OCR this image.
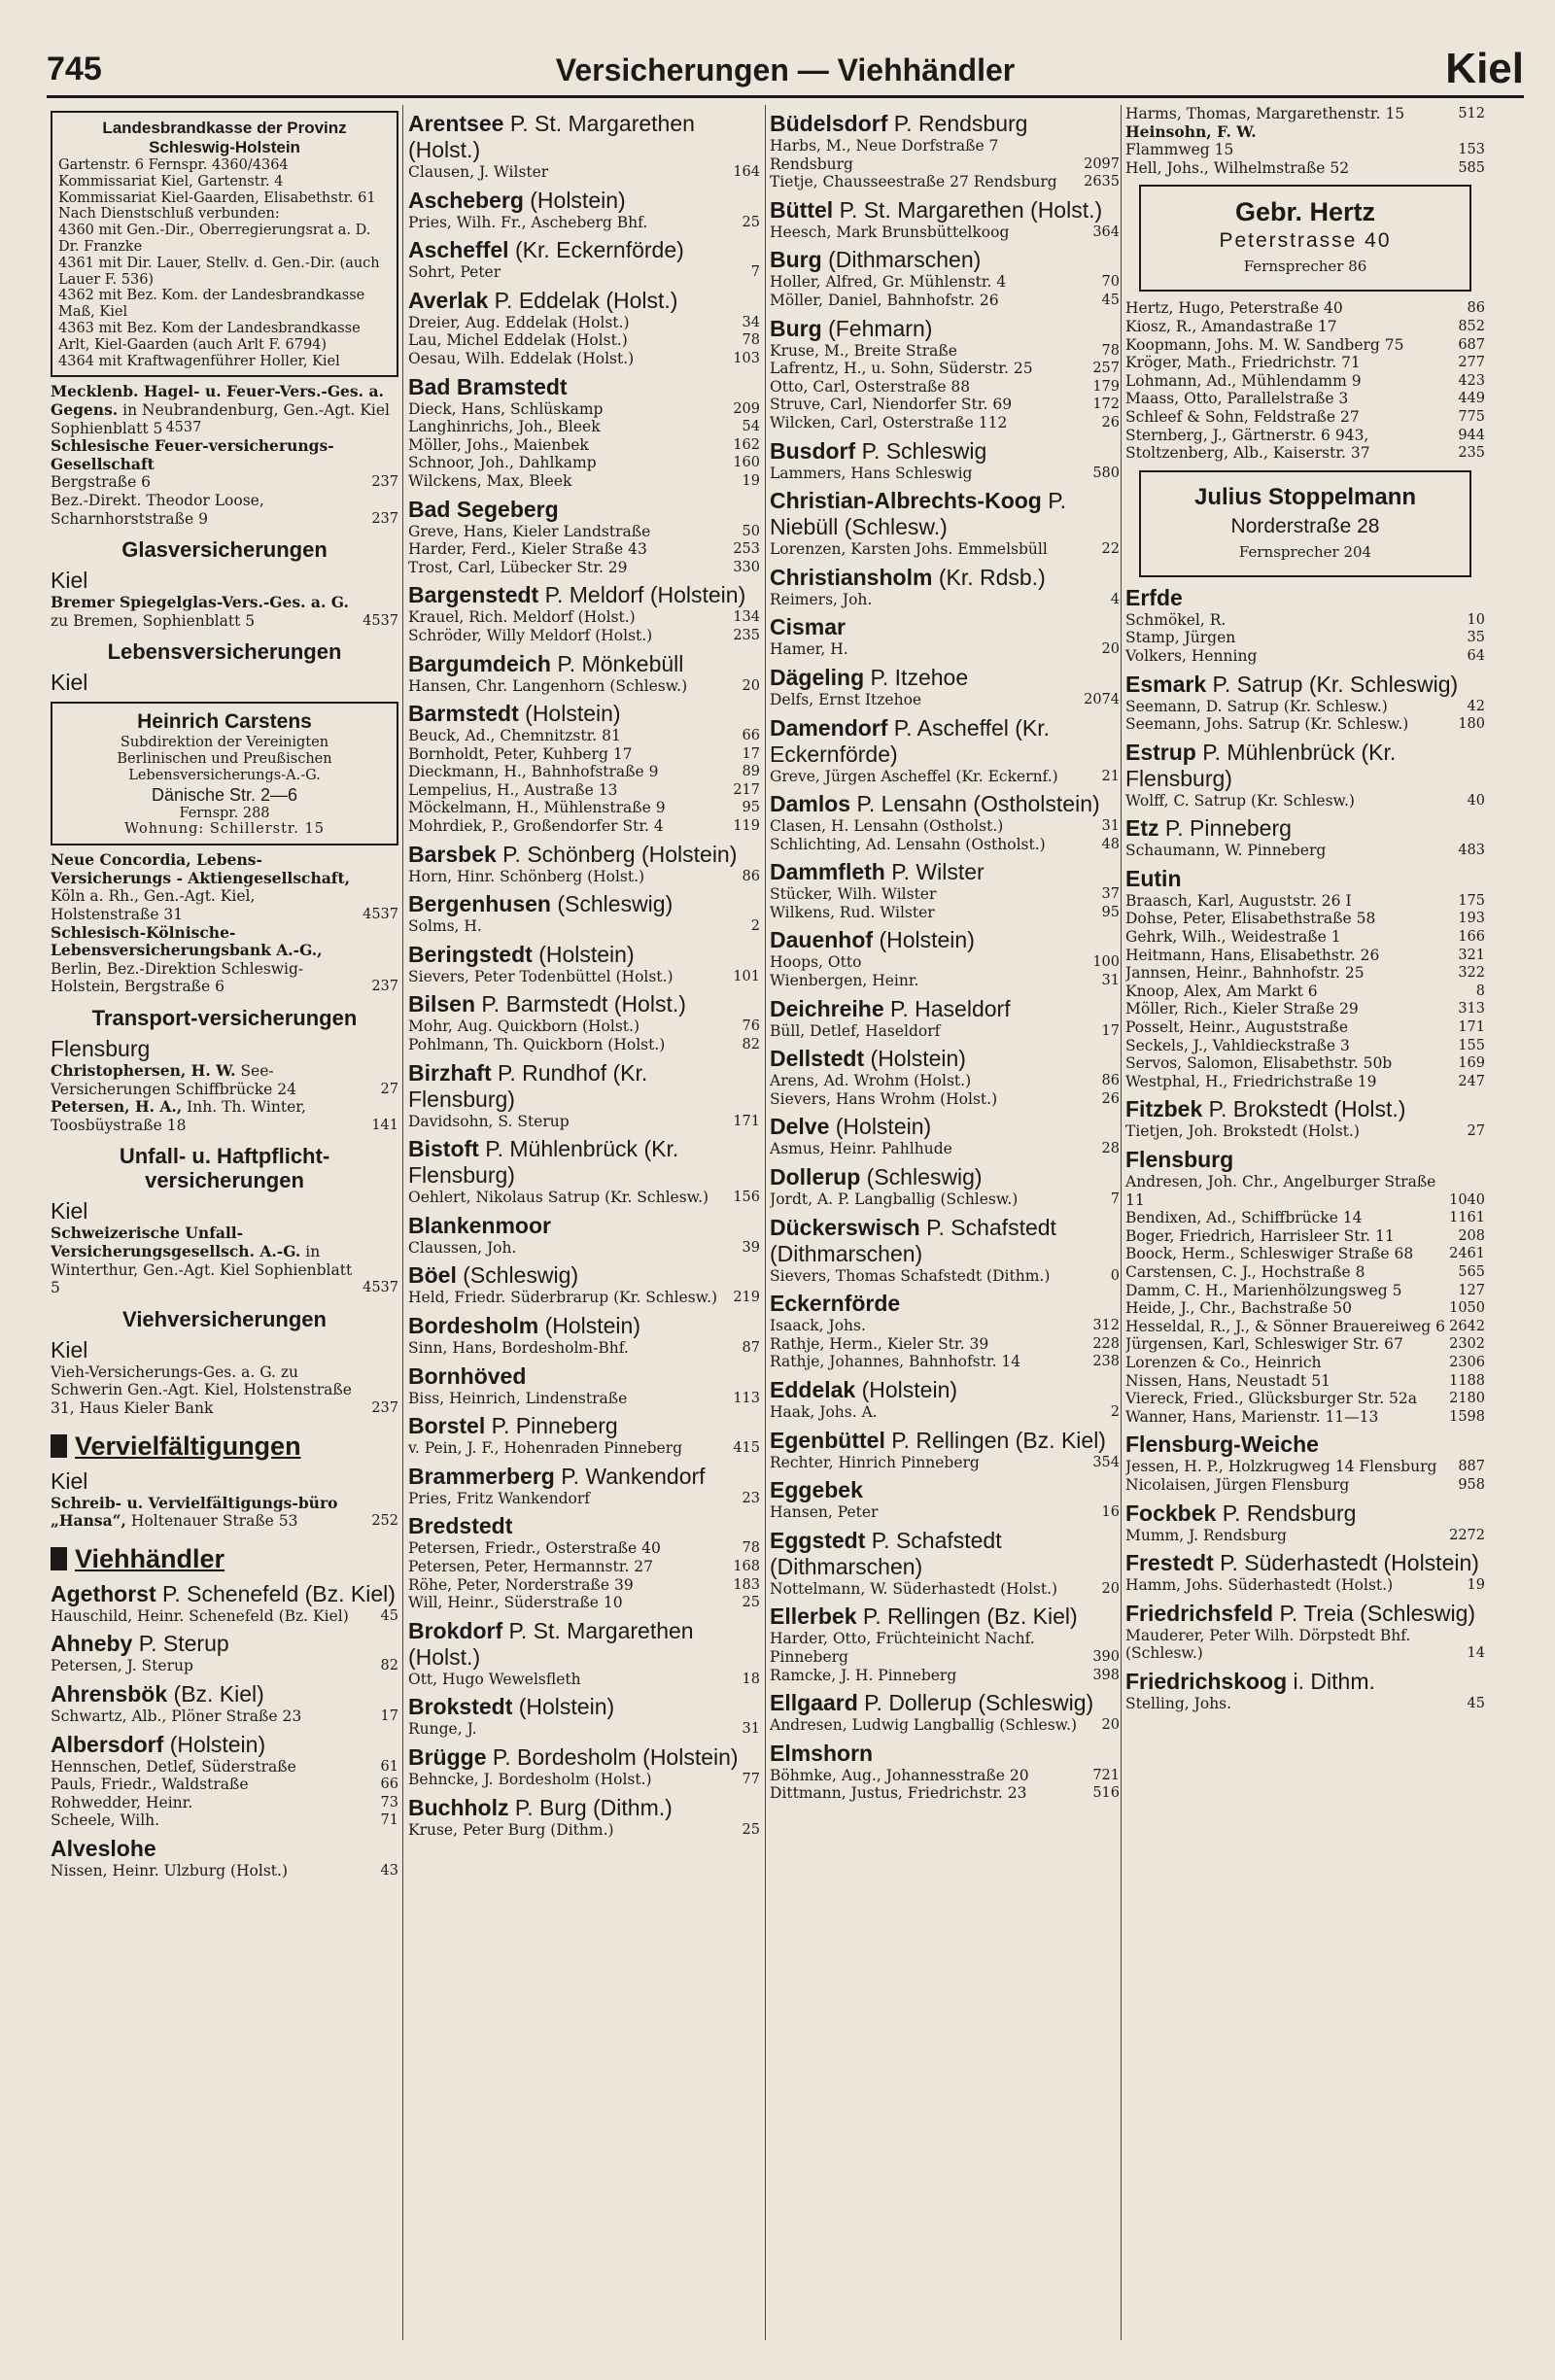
745	Versicherungen — Viehhändler	Kiel
Landesbrandkasse der Provinz Schleswig-Holstein
Gartenstr. 6 Fernspr. 4360/4364
Kommissariat Kiel, Gartenstr. 4
Kommissariat Kiel-Gaarden, Elisabethstr. 61
Nach Dienstschluß verbunden:
4360 mit Gen.-Dir., Oberregierungsrat a. D. Dr. Franzke
4361 mit Dir. Lauer, Stellv. d. Gen.-Dir. (auch Lauer F. 536)
4362 mit Bez. Kom. der Landesbrandkasse Maß, Kiel
4363 mit Bez. Kom der Landesbrandkasse Arlt, Kiel-Gaarden (auch Arlt F. 6794)
4364 mit Kraftwagenführer Holler, Kiel

Mecklenb. Hagel- u. Feuer-Vers.-Ges. a. Gegens. in Neubrandenburg, Gen.-Agt. Kiel Sophienblatt 5 4537

Schlesische Feuer-versicherungs-Gesellschaft

Bergstraße 6	237
Bez.-Direkt. Theodor Loose, Scharnhorststraße 9	237
Glasversicherungen
Kiel
Bremer Spiegelglas-Vers.-Ges. a. G. zu Bremen, Sophienblatt 5	4537
Lebensversicherungen
Kiel
Heinrich Carstens
Subdirektion der Vereinigten
Berlinischen und Preußischen
Lebensversicherungs-A.-G.
Dänische Str. 2—6
Fernspr. 288
Wohnung: Schillerstr. 15
Neue Concordia, Lebens-Versicherungs - Aktiengesellschaft, Köln a. Rh., Gen.-Agt. Kiel, Holstenstraße 31	4537
Schlesisch-Kölnische-Lebensversicherungsbank A.-G., Berlin, Bez.-Direktion Schleswig-Holstein, Bergstraße 6	237
Transport-versicherungen
Flensburg
Christophersen, H. W. See-Versicherungen Schiffbrücke 24	27
Petersen, H. A., Inh. Th. Winter, Toosbüystraße 18	141
Unfall- u. Haftpflicht-versicherungen
Kiel
Schweizerische Unfall-Versicherungsgesellsch. A.-G. in Winterthur, Gen.-Agt. Kiel Sophienblatt 5	4537
Viehversicherungen
Kiel
Vieh-Versicherungs-Ges. a. G. zu Schwerin Gen.-Agt. Kiel, Holstenstraße 31, Haus Kieler Bank	237
Vervielfältigungen
Kiel
Schreib- u. Vervielfältigungs-büro „Hansa“, Holtenauer Straße 53	252
Viehhändler
Agethorst P. Schenefeld (Bz. Kiel)
Hauschild, Heinr. Schenefeld (Bz. Kiel) 45
Ahneby P. Sterup
Petersen, J. Sterup	82
Ahrensbök (Bz. Kiel)
Schwartz, Alb., Plöner Straße 23	17
Albersdorf (Holstein)
Hennschen, Detlef, Süderstraße	61
Pauls, Friedr., Waldstraße	66
Rohwedder, Heinr.	73
Scheele, Wilh.	71
Alveslohe
Nissen, Heinr. Ulzburg (Holst.)	43
Arentsee P. St. Margarethen (Holst.)
Clausen, J. Wilster	164
Ascheberg (Holstein)
Pries, Wilh. Fr., Ascheberg Bhf.	25
Ascheffel (Kr. Eckernförde)
Sohrt, Peter	7
Averlak P. Eddelak (Holst.)
Dreier, Aug. Eddelak (Holst.)	34
Lau, Michel Eddelak (Holst.)	78
Oesau, Wilh. Eddelak (Holst.)	103
Bad Bramstedt
Dieck, Hans, Schlüskamp	209
Langhinrichs, Joh., Bleek	54
Möller, Johs., Maienbek	162
Schnoor, Joh., Dahlkamp	160
Wilckens, Max, Bleek	19
Bad Segeberg
Greve, Hans, Kieler Landstraße	50
Harder, Ferd., Kieler Straße 43	253
Trost, Carl, Lübecker Str. 29	330
Bargenstedt P. Meldorf (Holstein)
Krauel, Rich. Meldorf (Holst.)	134
Schröder, Willy Meldorf (Holst.)	235
Bargumdeich P. Mönkebüll
Hansen, Chr. Langenhorn (Schlesw.)	20
Barmstedt (Holstein)
Beuck, Ad., Chemnitzstr. 81	66
Bornholdt, Peter, Kuhberg 17	17
Dieckmann, H., Bahnhofstraße 9	89
Lempelius, H., Austraße 13	217
Möckelmann, H., Mühlenstraße 9	95
Mohrdiek, P., Großendorfer Str. 4	119
Barsbek P. Schönberg (Holstein)
Horn, Hinr. Schönberg (Holst.)	86
Bergenhusen (Schleswig)
Solms, H.	2
Beringstedt (Holstein)
Sievers, Peter Todenbüttel (Holst.)	101
Bilsen P. Barmstedt (Holst.)
Mohr, Aug. Quickborn (Holst.)	76
Pohlmann, Th. Quickborn (Holst.)	82
Birzhaft P. Rundhof (Kr. Flensburg)
Davidsohn, S. Sterup	171
Bistoft P. Mühlenbrück (Kr. Flensburg)
Oehlert, Nikolaus Satrup (Kr. Schlesw.) 156
Blankenmoor
Claussen, Joh.	39
Böel (Schleswig)
Held, Friedr. Süderbrarup (Kr. Schlesw.) 219
Bordesholm (Holstein)
Sinn, Hans, Bordesholm-Bhf.	87
Bornhöved
Biss, Heinrich, Lindenstraße	113
Borstel P. Pinneberg
v. Pein, J. F., Hohenraden Pinneberg	415
Brammerberg P. Wankendorf
Pries, Fritz Wankendorf	23
Bredstedt
Petersen, Friedr., Osterstraße 40	78
Petersen, Peter, Hermannstr. 27	168
Röhe, Peter, Norderstraße 39	183
Will, Heinr., Süderstraße 10	25
Brokdorf P. St. Margarethen (Holst.)
Ott, Hugo Wewelsfleth	18
Brokstedt (Holstein)
Runge, J.	31
Brügge P. Bordesholm (Holstein)
Behncke, J. Bordesholm (Holst.)	77
Buchholz P. Burg (Dithm.)
Kruse, Peter Burg (Dithm.)	25
Büdelsdorf P. Rendsburg
Harbs, M., Neue Dorfstraße 7 Rendsburg	2097
Tietje, Chausseestraße 27 Rendsburg 2635
Büttel P. St. Margarethen (Holst.)
Heesch, Mark Brunsbüttelkoog	364
Burg (Dithmarschen)
Holler, Alfred, Gr. Mühlenstr. 4	70
Möller, Daniel, Bahnhofstr. 26	45
Burg (Fehmarn)
Kruse, M., Breite Straße	78
Lafrentz, H., u. Sohn, Süderstr. 25	257
Otto, Carl, Osterstraße 88	179
Struve, Carl, Niendorfer Str. 69	172
Wilcken, Carl, Osterstraße 112	26
Busdorf P. Schleswig
Lammers, Hans Schleswig	580
Christian-Albrechts-Koog P. Niebüll (Schlesw.)
Lorenzen, Karsten Johs. Emmelsbüll	22
Christiansholm (Kr. Rdsb.)
Reimers, Joh.	4
Cismar
Hamer, H.	20
Dägeling P. Itzehoe
Delfs, Ernst Itzehoe	2074
Damendorf P. Ascheffel (Kr. Eckernförde)
Greve, Jürgen Ascheffel (Kr. Eckernf.)	21
Damlos P. Lensahn (Ostholstein)
Clasen, H. Lensahn (Ostholst.)	31
Schlichting, Ad. Lensahn (Ostholst.)	48
Dammfleth P. Wilster
Stücker, Wilh. Wilster	37
Wilkens, Rud. Wilster	95
Dauenhof (Holstein)
Hoops, Otto	100
Wienbergen, Heinr.	31
Deichreihe P. Haseldorf
Büll, Detlef, Haseldorf	17
Dellstedt (Holstein)
Arens, Ad. Wrohm (Holst.)	86
Sievers, Hans Wrohm (Holst.)	26
Delve (Holstein)
Asmus, Heinr. Pahlhude	28
Dollerup (Schleswig)
Jordt, A. P. Langballig (Schlesw.)	7
Dückerswisch P. Schafstedt (Dithmarschen)
Sievers, Thomas Schafstedt (Dithm.)	0
Eckernförde
Isaack, Johs.	312
Rathje, Herm., Kieler Str. 39	228
Rathje, Johannes, Bahnhofstr. 14	238
Eddelak (Holstein)
Haak, Johs. A.	2
Egenbüttel P. Rellingen (Bz. Kiel)
Rechter, Hinrich Pinneberg	354
Eggebek
Hansen, Peter	16
Eggstedt P. Schafstedt (Dithmarschen)
Nottelmann, W. Süderhastedt (Holst.)	20
Ellerbek P. Rellingen (Bz. Kiel)
Harder, Otto, Früchteinicht Nachf. Pinneberg	390
Ramcke, J. H. Pinneberg	398
Ellgaard P. Dollerup (Schleswig)
Andresen, Ludwig Langballig (Schlesw.) 20
Elmshorn
Böhmke, Aug., Johannesstraße 20	721
Dittmann, Justus, Friedrichstr. 23	516
Harms, Thomas, Margarethenstr. 15	512

Heinsohn, F. W.

Flammweg 15	153
Hell, Johs., Wilhelmstraße 52	585
Gebr. Hertz
Peterstrasse 40
Fernsprecher 86
Hertz, Hugo, Peterstraße 40	86
Kiosz, R., Amandastraße 17	852
Koopmann, Johs. M. W. Sandberg 75	687
Kröger, Math., Friedrichstr. 71	277
Lohmann, Ad., Mühlendamm 9	423
Maass, Otto, Parallelstraße 3	449
Schleef & Sohn, Feldstraße 27	775
Sternberg, J., Gärtnerstr. 6 943,	944
Stoltzenberg, Alb., Kaiserstr. 37	235
Julius Stoppelmann
Norderstraße 28
Fernsprecher 204
Erfde
Schmökel, R.	10
Stamp, Jürgen	35
Volkers, Henning	64
Esmark P. Satrup (Kr. Schleswig)
Seemann, D. Satrup (Kr. Schlesw.)	42
Seemann, Johs. Satrup (Kr. Schlesw.)	180
Estrup P. Mühlenbrück (Kr. Flensburg)
Wolff, C. Satrup (Kr. Schlesw.)	40
Etz P. Pinneberg
Schaumann, W. Pinneberg	483
Eutin
Braasch, Karl, Auguststr. 26 I	175
Dohse, Peter, Elisabethstraße 58	193
Gehrk, Wilh., Weidestraße 1	166
Heitmann, Hans, Elisabethstr. 26	321
Jannsen, Heinr., Bahnhofstr. 25	322
Knoop, Alex, Am Markt 6	8
Möller, Rich., Kieler Straße 29	313
Posselt, Heinr., Auguststraße	171
Seckels, J., Vahldieckstraße 3	155
Servos, Salomon, Elisabethstr. 50b	169
Westphal, H., Friedrichstraße 19	247
Fitzbek P. Brokstedt (Holst.)
Tietjen, Joh. Brokstedt (Holst.)	27
Flensburg
Andresen, Joh. Chr., Angelburger Straße 11	1040
Bendixen, Ad., Schiffbrücke 14	1161
Boger, Friedrich, Harrisleer Str. 11	208
Boock, Herm., Schleswiger Straße 68	2461
Carstensen, C. J., Hochstraße 8	565
Damm, C. H., Marienhölzungsweg 5	127
Heide, J., Chr., Bachstraße 50	1050
Hesseldal, R., J., & Sönner Brauereiweg 6 2642
Jürgensen, Karl, Schleswiger Str. 67	2302
Lorenzen & Co., Heinrich	2306
Nissen, Hans, Neustadt 51	1188
Viereck, Fried., Glücksburger Str. 52a 2180
Wanner, Hans, Marienstr. 11—13	1598
Flensburg-Weiche
Jessen, H. P., Holzkrugweg 14 Flensburg 887
Nicolaisen, Jürgen Flensburg	958
Fockbek P. Rendsburg
Mumm, J. Rendsburg	2272
Frestedt P. Süderhastedt (Holstein)
Hamm, Johs. Süderhastedt (Holst.)	19
Friedrichsfeld P. Treia (Schleswig)
Mauderer, Peter Wilh. Dörpstedt Bhf. (Schlesw.)	14
Friedrichskoog i. Dithm.
Stelling, Johs.	45
